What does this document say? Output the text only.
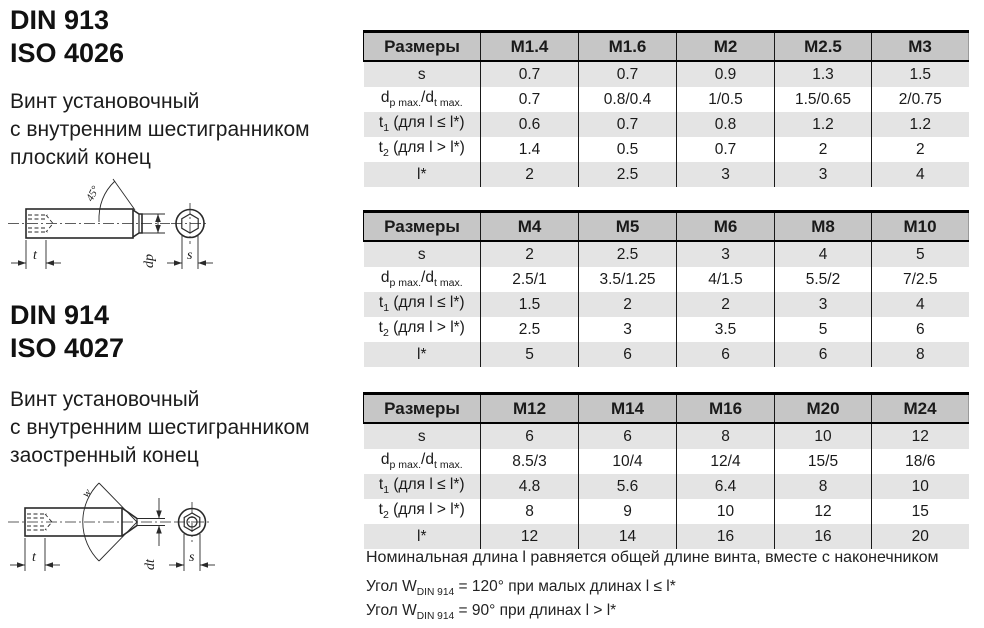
DIN 913
ISO 4026
Винт установочный
с внутренним шестигранником
плоский конец
45°
t	dp s
DIN 914
ISO 4027
Винт установочный
с внутренним шестигранником
заостренный конец
w
t	dt s
Размеры	M1.4	M1.6	M2	M2.5	M3
s	0.7	0.7	0.9	1.3	1.5
$d_{p max.}/d_{t max.}$	0.7	0.8/0.4	1/0.5	1.5/0.65	2/0.75
$t_1$ (для l ≤ l*)	0.6	0.7	0.8	1.2	1.2
$t_2$ (для l > l*)	1.4	0.5	0.7	2	2
l*	2	2.5	3	3	4
Размеры	M4	M5	M6	M8	M10
s	2	2.5	3	4	5
$d_{p max.}/d_{t max.}$	2.5/1	3.5/1.25	4/1.5	5.5/2	7/2.5
$t_1$ (для l ≤ l*)	1.5	2	2	3	4
$t_2$ (для l > l*)	2.5	3	3.5	5	6
l*	5	6	6	6	8
Размеры	M12	M14	M16	M20	M24
s	6	6	8	10	12
$d_{p max.}/d_{t max.}$	8.5/3	10/4	12/4	15/5	18/6
$t_1$ (для l ≤ l*)	4.8	5.6	6.4	8	10
$t_2$ (для l > l*)	8	9	10	12	15
l*	12	14	16	16	20
Номинальная длина l равняется общей длине винта, вместе с наконечником
Угол $W_{DIN 914} = 120^\circ$ при малых длинах l ≤ l*
Угол $W_{DIN 914} = 90^\circ$ при длинах l > l*
